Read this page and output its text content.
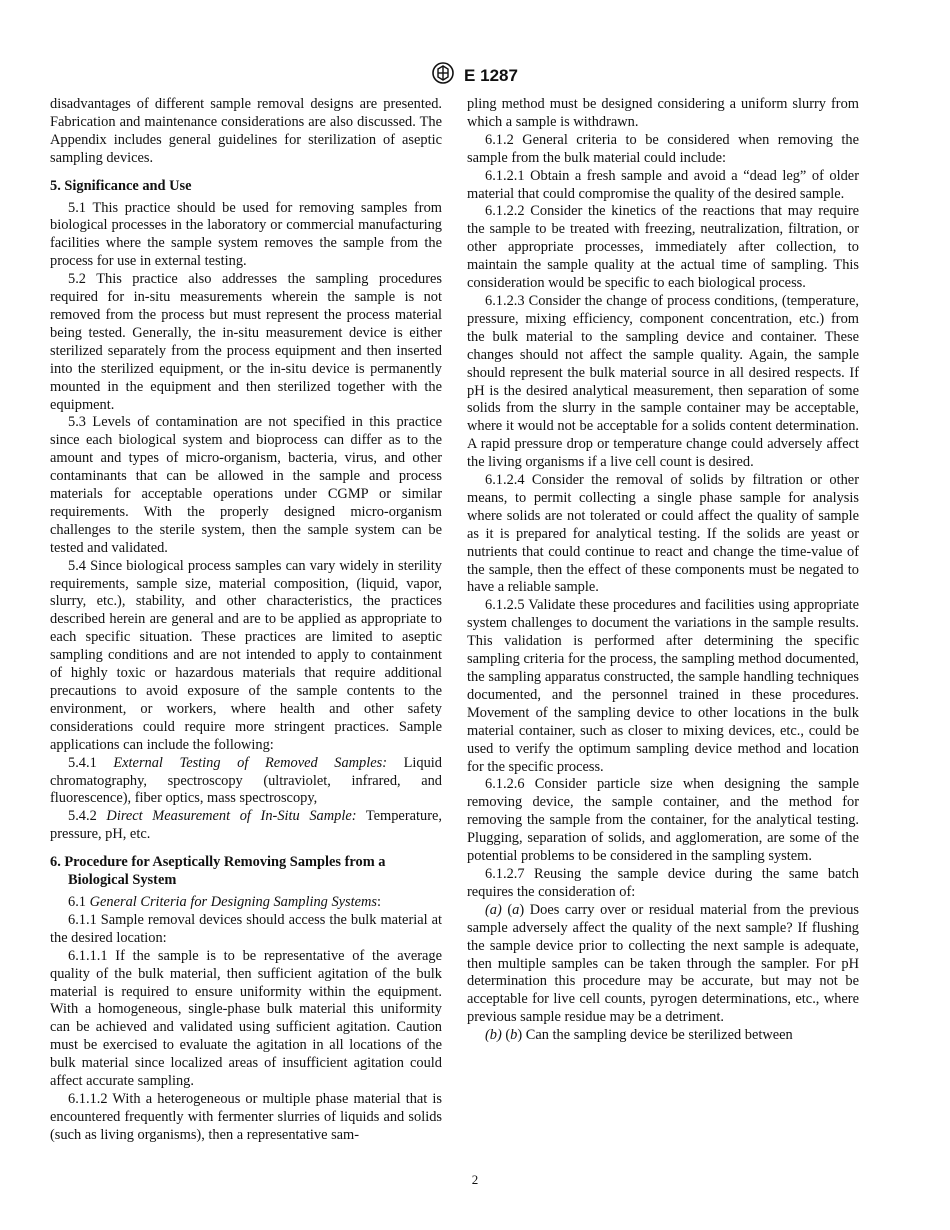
E 1287

disadvantages of different sample removal designs are presented. Fabrication and maintenance considerations are also discussed. The Appendix includes general guidelines for sterilization of aseptic sampling devices.

5. Significance and Use

5.1 This practice should be used for removing samples from biological processes in the laboratory or commercial manufacturing facilities where the sample system removes the sample from the process for use in external testing.

5.2 This practice also addresses the sampling procedures required for in-situ measurements wherein the sample is not removed from the process but must represent the process material being tested. Generally, the in-situ measurement device is either sterilized separately from the process equipment and then inserted into the sterilized equipment, or the in-situ device is permanently mounted in the equipment and then sterilized together with the equipment.

5.3 Levels of contamination are not specified in this practice since each biological system and bioprocess can differ as to the amount and types of micro-organism, bacteria, virus, and other contaminants that can be allowed in the sample and process materials for acceptable operations under CGMP or similar requirements. With the properly designed micro-organism challenges to the sterile system, then the sample system can be tested and validated.

5.4 Since biological process samples can vary widely in sterility requirements, sample size, material composition, (liquid, vapor, slurry, etc.), stability, and other characteristics, the practices described herein are general and are to be applied as appropriate to each specific situation. These practices are limited to aseptic sampling conditions and are not intended to apply to containment of highly toxic or hazardous materials that require additional precautions to avoid exposure of the sample contents to the environment, or workers, where health and other safety considerations could require more stringent practices. Sample applications can include the following:

5.4.1 External Testing of Removed Samples: Liquid chromatography, spectroscopy (ultraviolet, infrared, and fluorescence), fiber optics, mass spectroscopy,

5.4.2 Direct Measurement of In-Situ Sample: Temperature, pressure, pH, etc.

6. Procedure for Aseptically Removing Samples from a Biological System

6.1 General Criteria for Designing Sampling Systems:

6.1.1 Sample removal devices should access the bulk material at the desired location:

6.1.1.1 If the sample is to be representative of the average quality of the bulk material, then sufficient agitation of the bulk material is required to ensure uniformity within the equipment. With a homogeneous, single-phase bulk material this uniformity can be achieved and validated using sufficient agitation. Caution must be exercised to evaluate the agitation in all locations of the bulk material since localized areas of insufficient agitation could affect accurate sampling.

6.1.1.2 With a heterogeneous or multiple phase material that is encountered frequently with fermenter slurries of liquids and solids (such as living organisms), then a representative sam-

pling method must be designed considering a uniform slurry from which a sample is withdrawn.

6.1.2 General criteria to be considered when removing the sample from the bulk material could include:

6.1.2.1 Obtain a fresh sample and avoid a “dead leg” of older material that could compromise the quality of the desired sample.

6.1.2.2 Consider the kinetics of the reactions that may require the sample to be treated with freezing, neutralization, filtration, or other appropriate processes, immediately after collection, to maintain the sample quality at the actual time of sampling. This consideration would be specific to each biological process.

6.1.2.3 Consider the change of process conditions, (temperature, pressure, mixing efficiency, component concentration, etc.) from the bulk material to the sampling device and container. These changes should not affect the sample quality. Again, the sample should represent the bulk material source in all desired respects. If pH is the desired analytical measurement, then separation of some solids from the slurry in the sample container may be acceptable, where it would not be acceptable for a solids content determination. A rapid pressure drop or temperature change could adversely affect the living organisms if a live cell count is desired.

6.1.2.4 Consider the removal of solids by filtration or other means, to permit collecting a single phase sample for analysis where solids are not tolerated or could affect the quality of sample as it is prepared for analytical testing. If the solids are yeast or nutrients that could continue to react and change the time-value of the sample, then the effect of these components must be negated to have a reliable sample.

6.1.2.5 Validate these procedures and facilities using appropriate system challenges to document the variations in the sample results. This validation is performed after determining the specific sampling criteria for the process, the sampling method documented, the sampling apparatus constructed, the sample handling techniques documented, and the personnel trained in these procedures. Movement of the sampling device to other locations in the bulk material container, such as closer to mixing devices, etc., could be used to verify the optimum sampling device method and location for the specific process.

6.1.2.6 Consider particle size when designing the sample removing device, the sample container, and the method for removing the sample from the container, for the analytical testing. Plugging, separation of solids, and agglomeration, are some of the potential problems to be considered in the sampling system.

6.1.2.7 Reusing the sample device during the same batch requires the consideration of:

(a) (a) Does carry over or residual material from the previous sample adversely affect the quality of the next sample? If flushing the sample device prior to collecting the next sample is adequate, then multiple samples can be taken through the sampler. For pH determination this procedure may be accurate, but may not be acceptable for live cell counts, pyrogen determinations, etc., where previous sample residue may be a detriment.

(b) (b) Can the sampling device be sterilized between

2
